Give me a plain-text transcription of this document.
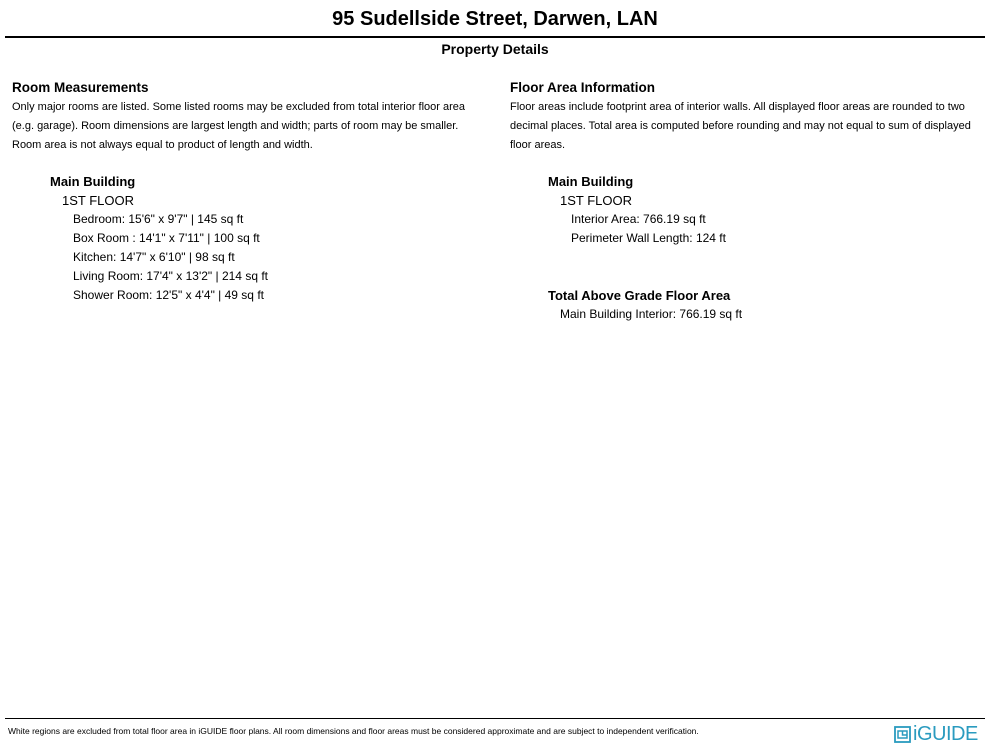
95 Sudellside Street, Darwen, LAN
Property Details
Room Measurements
Only major rooms are listed. Some listed rooms may be excluded from total interior floor area (e.g. garage). Room dimensions are largest length and width; parts of room may be smaller. Room area is not always equal to product of length and width.
Main Building
1ST FLOOR
Bedroom: 15'6" x 9'7" | 145 sq ft
Box Room : 14'1" x 7'11" | 100 sq ft
Kitchen: 14'7" x 6'10" | 98 sq ft
Living Room: 17'4" x 13'2" | 214 sq ft
Shower Room: 12'5" x 4'4" | 49 sq ft
Floor Area Information
Floor areas include footprint area of interior walls. All displayed floor areas are rounded to two decimal places. Total area is computed before rounding and may not equal to sum of displayed floor areas.
Main Building
1ST FLOOR
Interior Area: 766.19 sq ft
Perimeter Wall Length: 124 ft
Total Above Grade Floor Area
Main Building Interior: 766.19 sq ft
White regions are excluded from total floor area in iGUIDE floor plans. All room dimensions and floor areas must be considered approximate and are subject to independent verification.	iGUIDE
